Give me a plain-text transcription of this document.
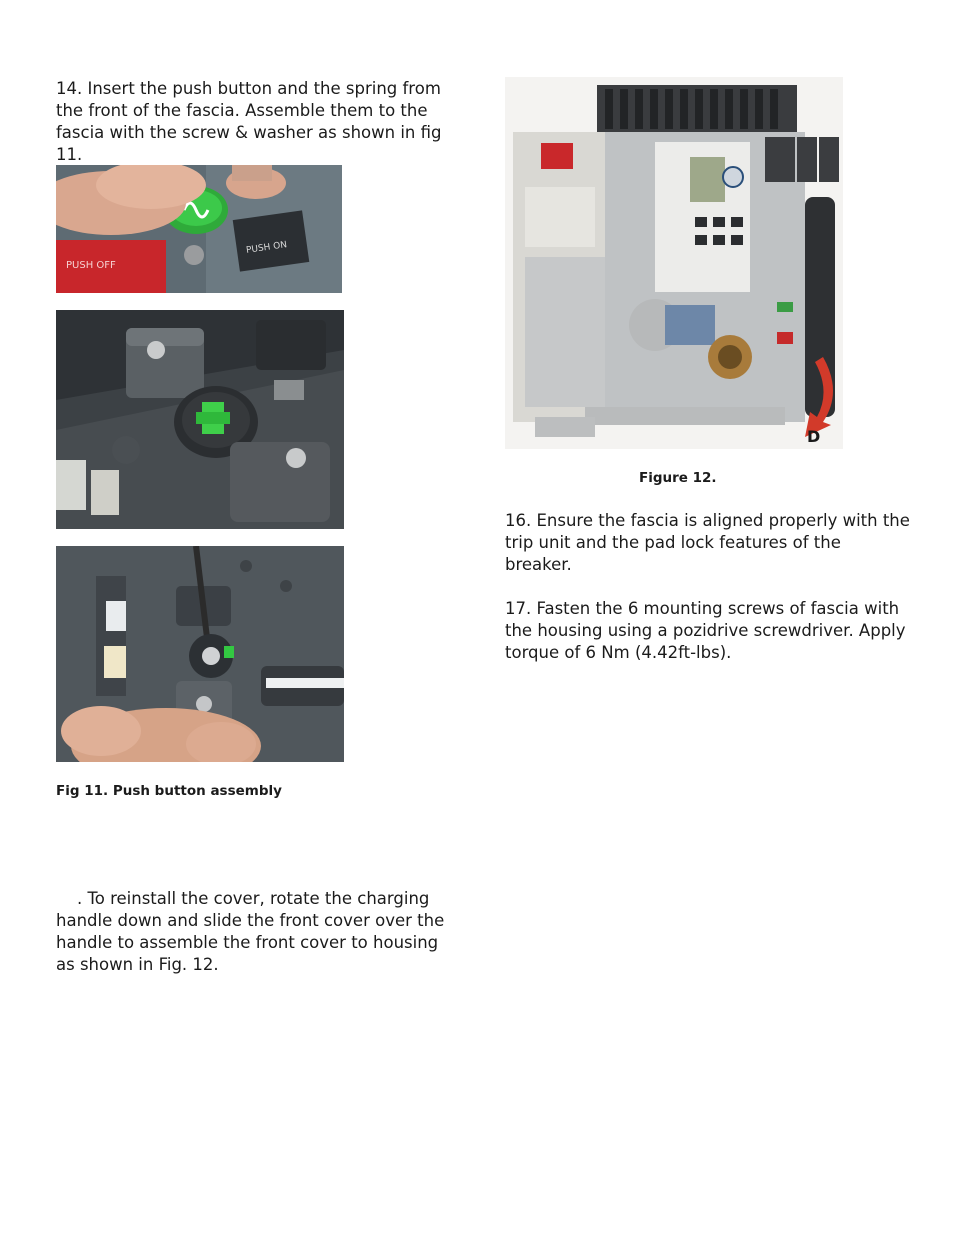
14. Insert the push button and the spring from the front of the fascia. Assemble them to the fascia with the screw & washer as shown in fig 11.

PUSH OFF
PUSH ON

Fig 11. Push button assembly

. To reinstall the cover, rotate the charging handle down and slide the front cover over the handle to assemble the front cover to housing as shown in Fig. 12.

D

Figure 12.

16. Ensure the fascia is aligned properly with the trip unit and the pad lock features of the breaker.

17. Fasten the 6 mounting screws of fascia with the housing using a pozidrive screwdriver. Apply torque of 6 Nm (4.42ft-lbs).
